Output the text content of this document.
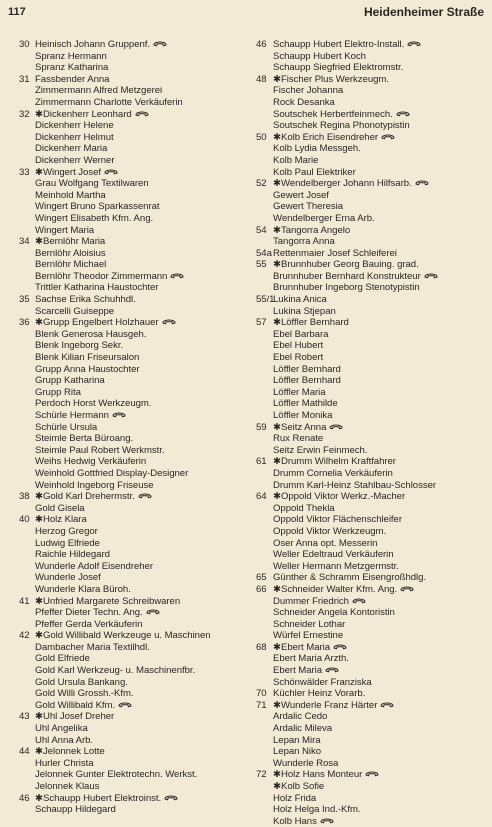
117	Heidenheimer Straße
30 Heinisch Johann Gruppenf.
Spranz Hermann
Spranz Katharina
31 Fassbender Anna
Zimmermann Alfred Metzgerei
Zimmermann Charlotte Verkäuferin
32 ✱Dickenherr Leonhard
Dickenherr Helene
Dickenherr Helmut
Dickenherr Maria
Dickenherr Werner
33 ✱Wingert Josef
Grau Wolfgang Textilwaren
Meinhold Martha
Wingert Bruno Sparkassenrat
Wingert Elisabeth Kfm. Ang.
Wingert Maria
34 ✱Bernlöhr Maria
Bernlöhr Aloisius
Bernlöhr Michael
Bernlöhr Theodor Zimmermann
Trittler Katharina Haustochter
35 Sachse Erika Schuhhdl.
Scarcelli Guiseppe
36 ✱Grupp Engelbert Holzhauer
Blenk Generosa Hausgeh.
Blenk Ingeborg Sekr.
Blenk Kilian Friseursalon
Grupp Anna Haustochter
Grupp Katharina
Grupp Rita
Perdoch Horst Werkzeugm.
Schürle Hermann
Schürle Ursula
Steimle Berta Büroang.
Steimle Paul Robert Werkmstr.
Weihs Hedwig Verkäuferin
Weinhold Gottfried Display-Designer
Weinhold Ingeborg Friseuse
38 ✱Gold Karl Drehermstr.
Gold Gisela
40 ✱Holz Klara
Herzog Gregor
Ludwig Elfriede
Raichle Hildegard
Wunderle Adolf Eisendreher
Wunderle Josef
Wunderle Klara Büroh.
41 ✱Unfried Margarete Schreibwaren
Pfeffer Dieter Techn. Ang.
Pfeffer Gerda Verkäuferin
42 ✱Gold Willibald Werkzeuge u. Maschinen
Dambacher Maria Textilhdl.
Gold Elfriede
Gold Karl Werkzeug- u. Maschinenfbr.
Gold Ursula Bankang.
Gold Willi Grossh.-Kfm.
Gold Willibald Kfm.
43 ✱Uhl Josef Dreher
Uhl Angelika
Uhl Anna Arb.
44 ✱Jelonnek Lotte
Hurler Christa
Jelonnek Gunter Elektrotechn. Werkst.
Jelonnek Klaus
46 ✱Schaupp Hubert Elektroinst.
Schaupp Hildegard
46 Schaupp Hubert Elektro-Install.
Schaupp Hubert Koch
Schaupp Siegfried Elektromstr.
48 ✱Fischer Plus Werkzeugm.
Fischer Johanna
Rock Desanka
Soutschek Herbertfeinmech.
Soutschek Regina Phonotypistin
50 ✱Kolb Erich Eisendreher
Kolb Lydia Messgeh.
Kolb Marie
Kolb Paul Elektriker
52 ✱Wendelberger Johann Hilfsarb.
Gewert Josef
Gewert Theresia
Wendelberger Erna Arb.
54 ✱Tangorra Angelo
Tangorra Anna
54a Rettenmaier Josef Schleiferei
55 ✱Brunnhuber Georg Bauing. grad.
Brunnhuber Bernhard Konstrukteur
Brunnhuber Ingeborg Stenotypistin
55/1
Lukina Anica
Lukina Stjepan
57 ✱Löffler Bernhard
Ebel Barbara
Ebel Hubert
Ebel Robert
Löffler Bernhard
Löffler Bernhard
Löffler Maria
Löffler Mathilde
Löffler Monika
59 ✱Seitz Anna
Rux Renate
Seitz Erwin Feinmech.
61 ✱Drumm Wilhelm Kraftfahrer
Drumm Cornelia Verkäuferin
Drumm Karl-Heinz Stahlbau-Schlosser
64 ✱Oppold Viktor Werkz.-Macher
Oppold Thekla
Oppold Viktor Flächenschleifer
Oppold Viktor Werkzeugm.
Oser Anna opt. Messerin
Weller Edeltraud Verkäuferin
Weller Hermann Metzgermstr.
65 Günther & Schramm Eisengroßhdlg.
66 ✱Schneider Walter Kfm. Ang.
Dummer Friedrich
Schneider Angela Kontoristin
Schneider Lothar
Würfel Ernestine
68 ✱Ebert Maria
Ebert Maria Arzth.
Ebert Maria
Schönwälder Franziska
70 Küchler Heinz Vorarb.
71 ✱Wunderle Franz Härter
Ardalic Cedo
Ardalic Mileva
Lepan Mira
Lepan Niko
Wunderle Rosa
72 ✱Holz Hans Monteur
✱Kolb Sofie
Holz Frida
Holz Helga Ind.-Kfm.
Kolb Hans
